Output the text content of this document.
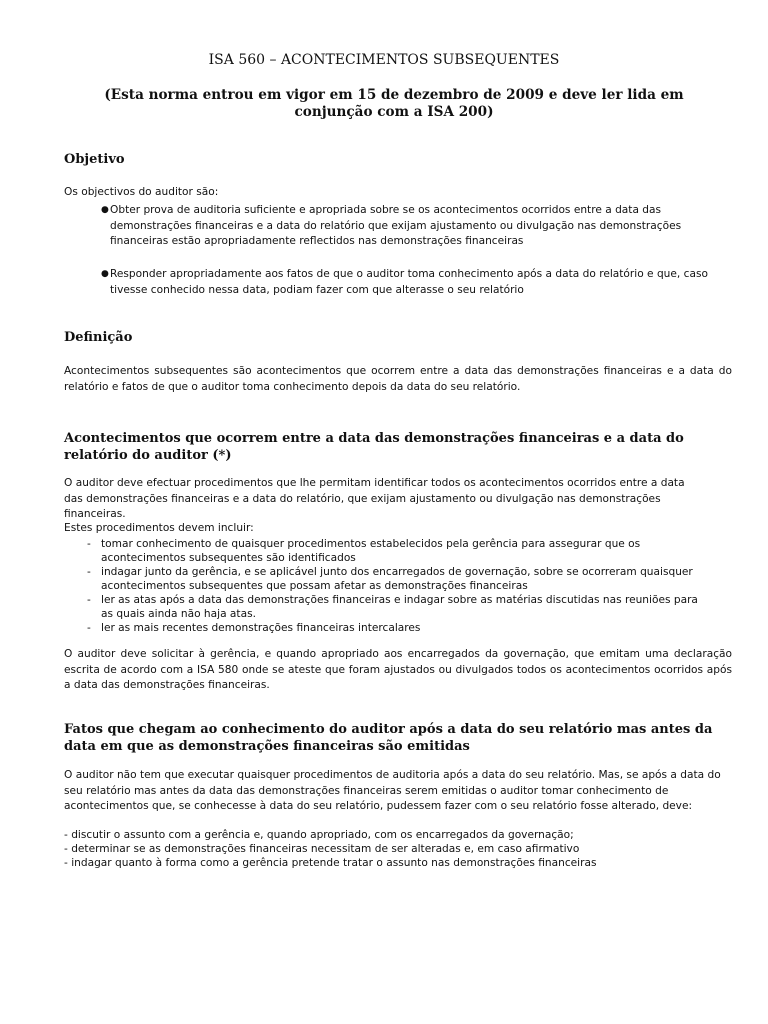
ISA 560 – ACONTECIMENTOS SUBSEQUENTES
(Esta norma entrou em vigor em 15 de dezembro de 2009 e deve ler lida em conjunção com a ISA 200)
Objetivo
Os objectivos do auditor são:
● Obter prova de auditoria suficiente e apropriada sobre se os acontecimentos ocorridos entre a data das demonstrações financeiras e a data do relatório que exijam ajustamento ou divulgação nas demonstrações financeiras estão apropriadamente reflectidos nas demonstrações financeiras
● Responder apropriadamente aos fatos de que o auditor toma conhecimento após a data do relatório e que, caso tivesse conhecido nessa data, podiam fazer com que alterasse o seu relatório
Definição
Acontecimentos subsequentes são acontecimentos que ocorrem entre a data das demonstrações financeiras e a data do relatório e fatos de que o auditor toma conhecimento depois da data do seu relatório.
Acontecimentos que ocorrem entre a data das demonstrações financeiras e a data do relatório do auditor (*)
O auditor deve efectuar procedimentos que lhe permitam identificar todos os acontecimentos ocorridos entre a data das demonstrações financeiras e a data do relatório, que exijam ajustamento ou divulgação nas demonstrações financeiras.
Estes procedimentos devem incluir:
- tomar conhecimento de quaisquer procedimentos estabelecidos pela gerência para assegurar que os acontecimentos subsequentes são identificados
- indagar junto da gerência, e se aplicável junto dos encarregados de governação, sobre se ocorreram quaisquer acontecimentos subsequentes que possam afetar as demonstrações financeiras
- ler as atas após a data das demonstrações financeiras e indagar sobre as matérias discutidas nas reuniões para as quais ainda não haja atas.
- ler as mais recentes demonstrações financeiras intercalares
O auditor deve solicitar à gerência, e quando apropriado aos encarregados da governação, que emitam uma declaração escrita de acordo com a ISA 580 onde se ateste que foram ajustados ou divulgados todos os acontecimentos ocorridos após a data das demonstrações financeiras.
Fatos que chegam ao conhecimento do auditor após a data do seu relatório mas antes da data em que as demonstrações financeiras são emitidas
O auditor não tem que executar quaisquer procedimentos de auditoria após a data do seu relatório. Mas, se após a data do seu relatório mas antes da data das demonstrações financeiras serem emitidas o auditor tomar conhecimento de acontecimentos que, se conhecesse à data do seu relatório, pudessem fazer com o seu relatório fosse alterado, deve:
- discutir o assunto com a gerência e, quando apropriado, com os encarregados da governação;
- determinar se as demonstrações financeiras necessitam de ser alteradas e, em caso afirmativo
- indagar quanto à forma como a gerência pretende tratar o assunto nas demonstrações financeiras
